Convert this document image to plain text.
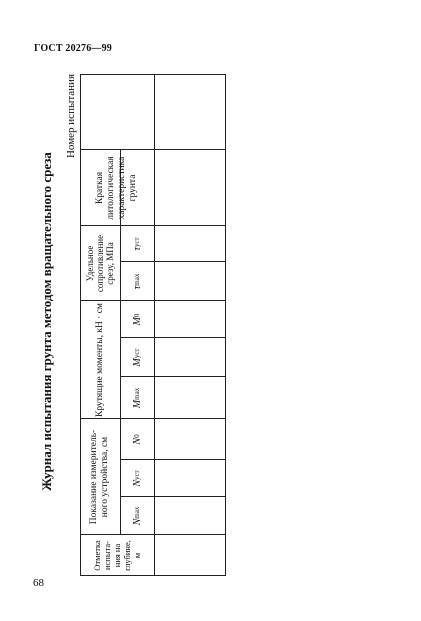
ГОСТ 20276—99
Журнал испытания грунта методом вращательного среза
Номер испытания
Отметка испыта-ния на глубине, м
Показание измеритель-ного устройства, см
Крутящие моменты, кН · см
Удельное сопротивление срезу, МПа
Краткая литологическая характеристика грунта
N
max
N
уст
N
0
M
max
M
уст
M
0
τ
max
τ
уст
68
